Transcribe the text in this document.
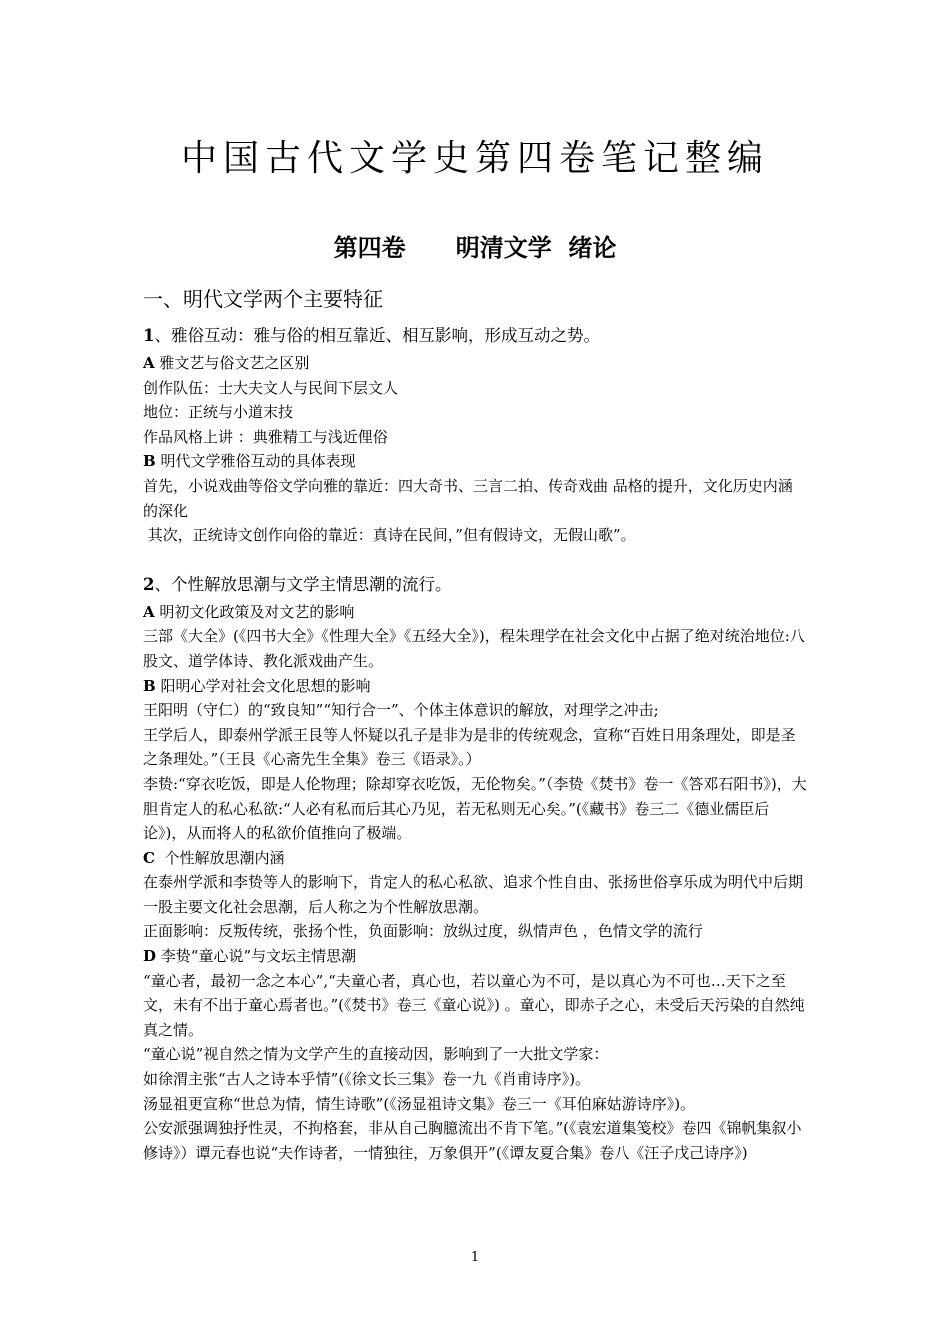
中国古代文学史第四卷笔记整编
第四卷      明清文学  绪论
一、明代文学两个主要特征
1、雅俗互动：雅与俗的相互靠近、相互影响，形成互动之势。

A 雅文艺与俗文艺之区别

创作队伍：士大夫文人与民间下层文人

地位：正统与小道末技

作品风格上讲 ：典雅精工与浅近俚俗

B 明代文学雅俗互动的具体表现

首先，小说戏曲等俗文学向雅的靠近：四大奇书、三言二拍、传奇戏曲 品格的提升，文化历史内涵的深化

其次，正统诗文创作向俗的靠近：真诗在民间，”但有假诗文，无假山歌”。

2、个性解放思潮与文学主情思潮的流行。

A 明初文化政策及对文艺的影响

三部《大全》(《四书大全》《性理大全》《五经大全》)，程朱理学在社会文化中占据了绝对统治地位:八股文、道学体诗、教化派戏曲产生。

B 阳明心学对社会文化思想的影响

王阳明（守仁）的“致良知”“知行合一”、个体主体意识的解放，对理学之冲击;

王学后人，即泰州学派王艮等人怀疑以孔子是非为是非的传统观念，宣称“百姓日用条理处，即是圣之条理处。”（王艮《心斋先生全集》卷三《语录》。）

李贽:“穿衣吃饭，即是人伦物理；除却穿衣吃饭，无伦物矣。”（李贽《焚书》卷一《答邓石阳书》)，大胆肯定人的私心私欲:“人必有私而后其心乃见，若无私则无心矣。”(《藏书》卷三二《德业儒臣后论》)，从而将人的私欲价值推向了极端。

C  个性解放思潮内涵

在泰州学派和李贽等人的影响下，肯定人的私心私欲、追求个性自由、张扬世俗享乐成为明代中后期一股主要文化社会思潮，后人称之为个性解放思潮。

正面影响：反叛传统，张扬个性，负面影响：放纵过度，纵情声色 ，色情文学的流行

D 李贽“童心说”与文坛主情思潮

“童心者，最初一念之本心”,“夫童心者，真心也，若以童心为不可，是以真心为不可也…天下之至文，未有不出于童心焉者也。”(《焚书》卷三《童心说》) 。童心，即赤子之心，未受后天污染的自然纯真之情。

“童心说”视自然之情为文学产生的直接动因，影响到了一大批文学家：

如徐渭主张“古人之诗本乎情”(《徐文长三集》卷一九《肖甫诗序》)。

汤显祖更宣称“世总为情，情生诗歌”(《汤显祖诗文集》卷三一《耳伯麻姑游诗序》)。

公安派强调独抒性灵，不拘格套，非从自己胸臆流出不肯下笔。”(《袁宏道集笺校》卷四《锦帆集叙小修诗》）谭元春也说“夫作诗者，一情独往，万象俱开”(《谭友夏合集》卷八《汪子戊己诗序》)

1
